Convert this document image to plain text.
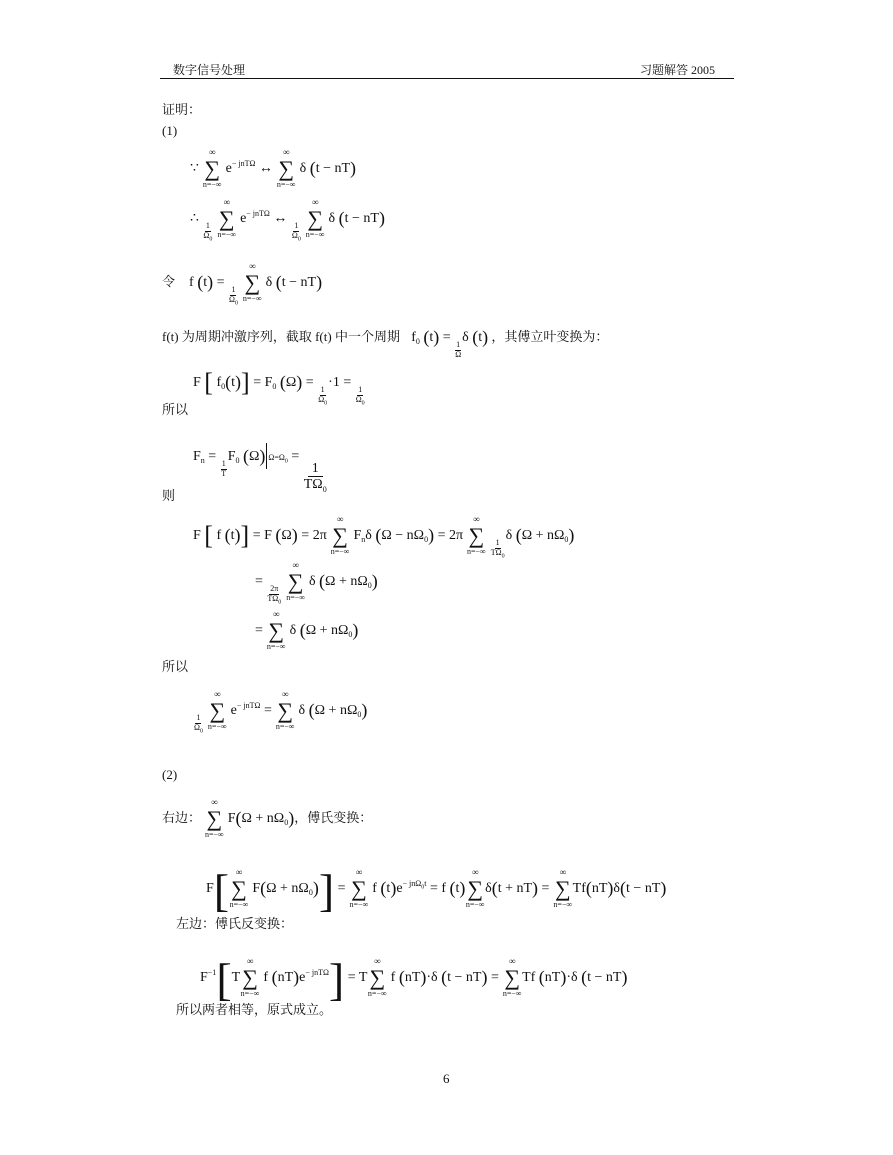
数字信号处理	习题解答 2005
证明：
(1)
∵ ∑
∞
n=−∞
$e^{- jnT\Omega}$ ↔ ∑
∞
n=−∞
δ (t − nT)
∴
$\frac{1}{\Omega_0}$
∑
∞
n=−∞
$e^{- jnT\Omega}$ ↔
$\frac{1}{\Omega_0}$
∑
∞
n=−∞
δ (t − nT)
令    f (t) =
$\frac{1}{\Omega_0}$
∑
∞
n=−∞
δ (t − nT)
f(t) 为周期冲激序列，截取 f(t) 中一个周期 $f_0$ (t) =
$\frac{1}{\Omega}$
δ (t) ，其傅立叶变换为：
F [ $f_0(t)] = F_0$ (Ω) =
$\frac{1}{\Omega_0}$
·1 =
$\frac{1}{\Omega_0}$
所以
$F_n$ =
$\frac{1}{T}$
$F_0$ (Ω) $\Omega=\Omega_0$ =
$\frac{1}{T\Omega_0}$
则
F [ f (t)] = F (Ω) = 2π ∑
∞
n=−∞
$F_n\delta$ $(\Omega - n\Omega_0) = 2\pi$ ∑
∞
n=−∞
$\frac{1}{T\Omega_0}$
δ $(\Omega + n\Omega_0)$
=
$\frac{2\pi}{T\Omega_0}$
∑
∞
n=−∞
δ $(\Omega + n\Omega_0)$
= ∑
∞
n=−∞
δ $(\Omega + n\Omega_0)$
所以
$\frac{1}{\Omega_0}$
∑
∞
n=−∞
$e^{- jnT\Omega}$ = ∑
∞
n=−∞
δ $(\Omega + n\Omega_0)$
(2)
右边： ∑
∞
n=−∞
$F(\Omega + n\Omega_0)$，傅氏变换：
F[∑
∞
n=−∞
$F(\Omega + n\Omega_0)$] = ∑
∞
n=−∞
f $(t)e^{- jn\Omega_0t} = f$ (t)∑
∞
n=−∞
δ(t + nT) = ∑
∞
n=−∞
Tf(nT)δ(t − nT)
左边：傅氏反变换：
$F^{-1}[T\sum$
∞
n=−∞
f $(nT)e^{- jnT\Omega}] = T\sum$
∞
n=−∞
f (nT)·δ (t − nT) = ∑
∞
n=−∞
Tf (nT)·δ (t − nT)
所以两者相等，原式成立。
6
